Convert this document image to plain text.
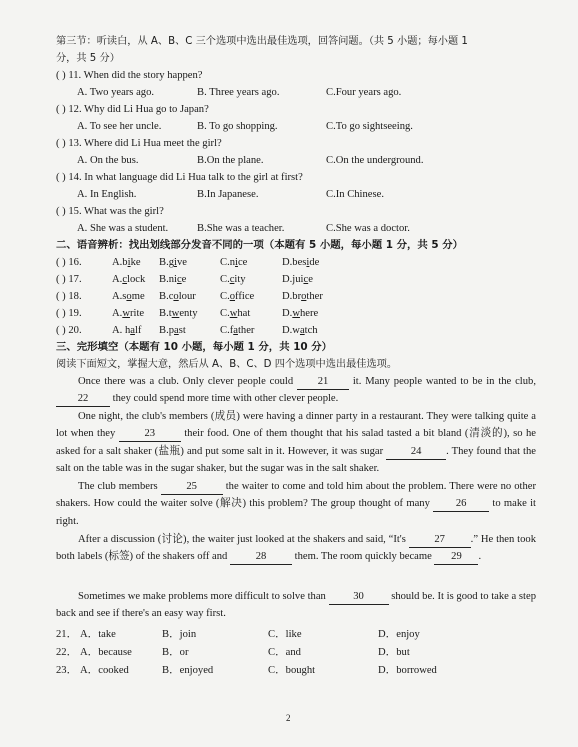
第三节：听读白，从 A、B、C 三个选项中选出最佳选项，回答问题。（共 5 小题；每小题 1
分，共 5 分）
( ) 11. When did the story happen?
A. Two years ago.	B. Three years ago.	C.Four years ago.
( ) 12. Why did Li Hua go to Japan?
A. To see her uncle.	B. To go shopping.	C.To go sightseeing.
( ) 13. Where did Li Hua meet the girl?
A. On the bus.	B.On the plane.	C.On the underground.
( ) 14. In what language did Li Hua talk to the girl at first?
A. In English.	B.In Japanese.	C.In Chinese.
( ) 15. What was the girl?
A. She was a student.	B.She was a teacher.	C.She was a doctor.
二、语音辨析：找出划线部分发音不同的一项（本题有 5 小题，每小题 1 分，共 5 分）
( ) 16.	A.bike B.give	C.nice	D.beside
( ) 17.	A.clock B.nice	C.city	D.juice
( ) 18.	A.some B.colour C.office	D.brother
( ) 19.	A.write B.twenty C.what	D.where
( ) 20.	A. half B.past	C.father	D.watch
三、完形填空（本题有 10 小题，每小题 1 分，共 10 分）
阅读下面短文，掌握大意，然后从 A、B、C、D 四个选项中选出最佳选项。
Once there was a club. Only clever people could 21 it. Many people wanted to be in the club, 22 they could spend more time with other clever people.
One night, the club's members (成员) were having a dinner party in a restaurant. They were talking quite a lot when they 23 their food. One of them thought that his salad tasted a bit bland (清淡的), so he asked for a salt shaker (盐瓶) and put some salt in it. However, it was sugar 24 . They found that the salt on the table was in the sugar shaker, but the sugar was in the salt shaker.
The club members 25 the waiter to come and told him about the problem. There were no other shakers. How could the waiter solve (解决) this problem? The group thought of many 26 to make it right.
After a discussion (讨论), the waiter just looked at the shakers and said, “It's 27 .” He then took both labels (标签) of the shakers off and 28 them. The room quickly became 29 .
Sometimes we make problems more difficult to solve than 30 should be. It is good to take a step back and see if there's an easy way first.
21． A．take	B．join	C．like	D．enjoy
22． A．because	B．or	C．and	D．but
23． A．cooked	B．enjoyed	C．bought	D．borrowed
2
